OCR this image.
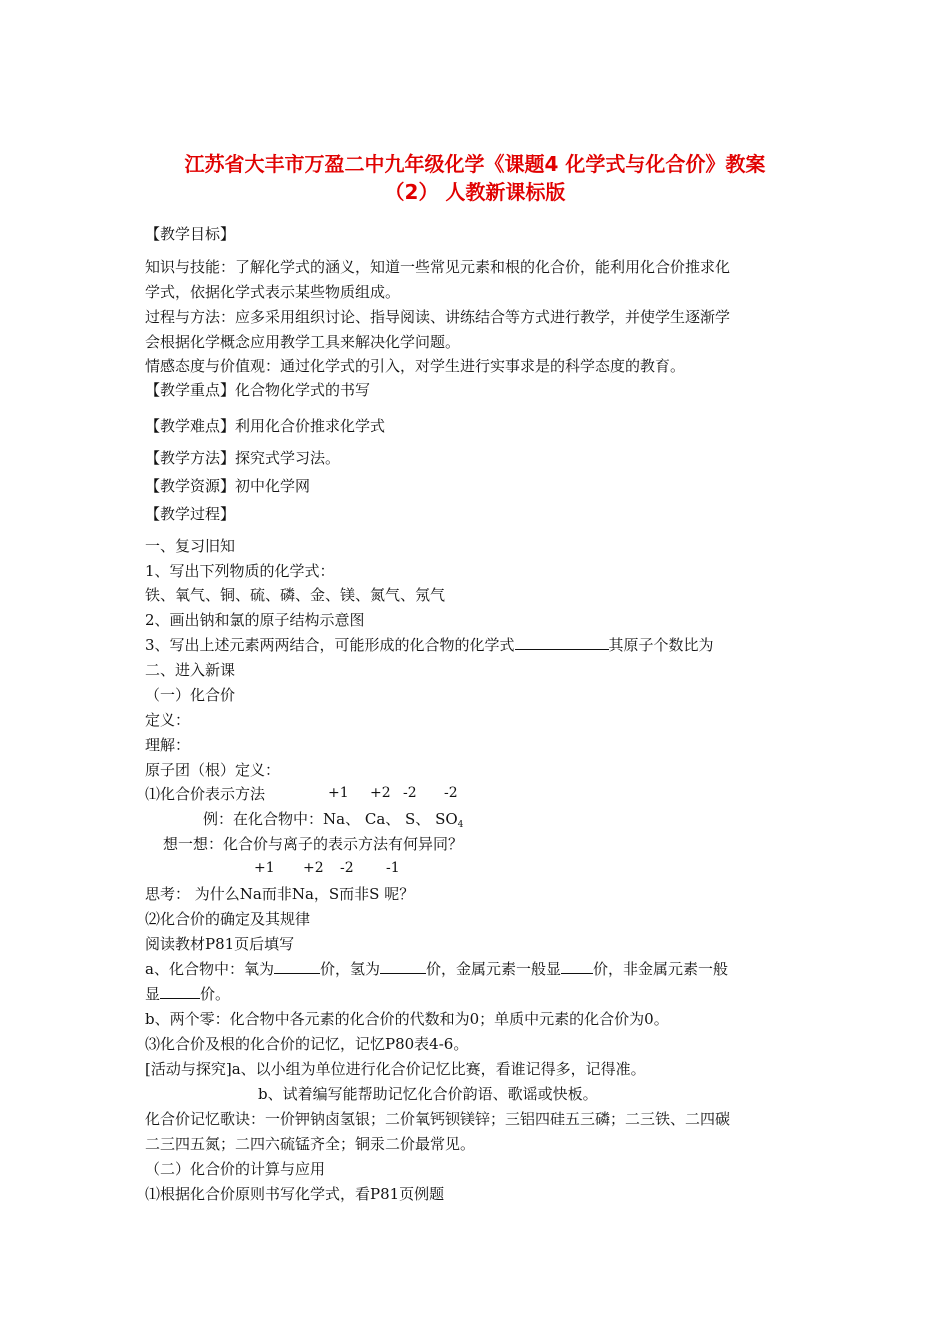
江苏省大丰市万盈二中九年级化学《课题4 化学式与化合价》教案
（2） 人教新课标版
【教学目标】
知识与技能：了解化学式的涵义，知道一些常见元素和根的化合价，能利用化合价推求化
学式，依据化学式表示某些物质组成。
过程与方法：应多采用组织讨论、指导阅读、讲练结合等方式进行教学，并使学生逐渐学
会根据化学概念应用教学工具来解决化学问题。
情感态度与价值观：通过化学式的引入，对学生进行实事求是的科学态度的教育。
【教学重点】化合物化学式的书写
【教学难点】利用化合价推求化学式
【教学方法】探究式学习法。
【教学资源】初中化学网
【教学过程】
一、复习旧知
1、写出下列物质的化学式：
铁、氧气、铜、硫、磷、金、镁、氮气、氖气
2、画出钠和氯的原子结构示意图
3、写出上述元素两两结合，可能形成的化合物的化学式	其原子个数比为
二、进入新课
（一）化合价
定义：
理解：
原子团（根）定义：
⑴化合价表示方法	+1 +2 -2 -2
例：在化合物中：Na、 Ca、 S、 $SO_4$
想一想：化合价与离子的表示方法有何异同？
+1 +2 -2 -1
思考： 为什么Na而非Na，S而非S 呢？
⑵化合价的确定及其规律
阅读教材P81页后填写
a、化合物中：氧为	价，氢为	价，金属元素一般显 价，非金属元素一般
显	价。
b、两个零：化合物中各元素的化合价的代数和为0；单质中元素的化合价为0。
⑶化合价及根的化合价的记忆，记忆P80表4-6。
[活动与探究]a、以小组为单位进行化合价记忆比赛，看谁记得多，记得准。
b、试着编写能帮助记忆化合价韵语、歌谣或快板。
化合价记忆歌诀：一价钾钠卤氢银；二价氧钙钡镁锌；三铝四硅五三磷；二三铁、二四碳
二三四五氮；二四六硫锰齐全；铜汞二价最常见。
（二）化合价的计算与应用
⑴根据化合价原则书写化学式，看P81页例题
